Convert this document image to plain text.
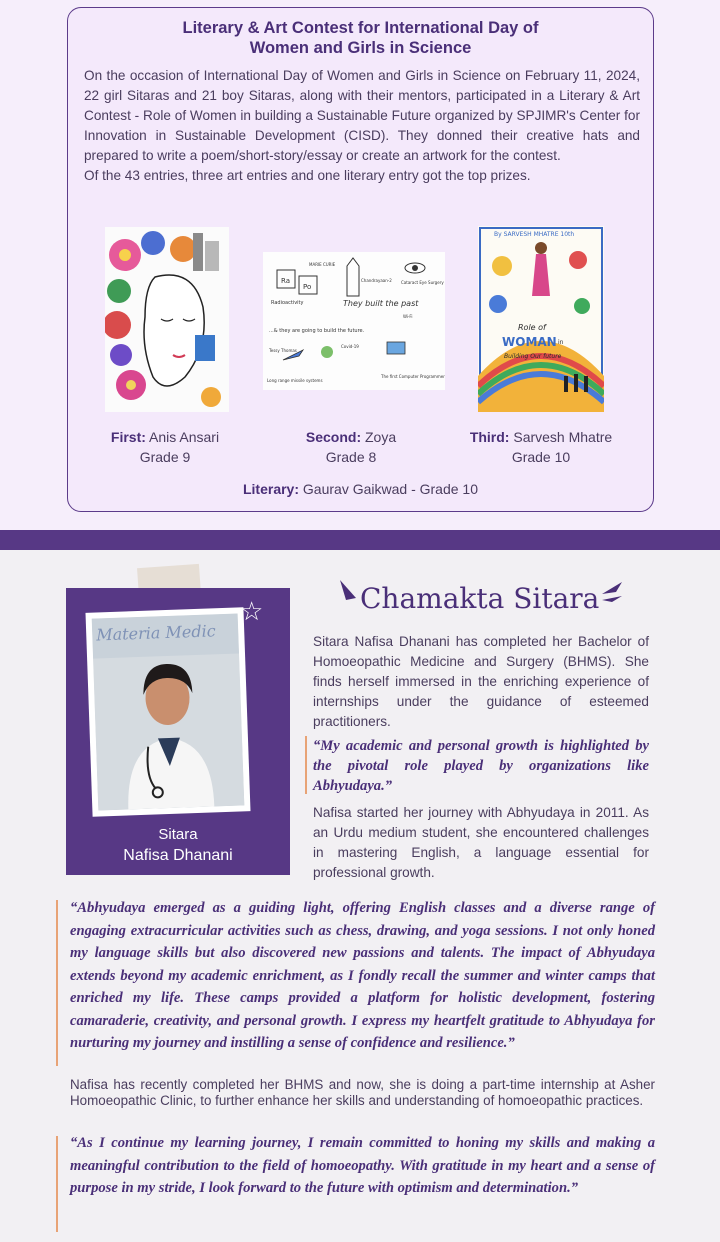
Literary & Art Contest for International Day of
Women and Girls in Science

On the occasion of International Day of Women and Girls in Science on February 11, 2024, 22 girl Sitaras and 21 boy Sitaras, along with their mentors, participated in a Literary & Art Contest - Role of Women in building a Sustainable Future organized by SPJIMR's Center for Innovation in Sustainable Development (CISD). They donned their creative hats and prepared to write a poem/short-story/essay or create an artwork for the contest.

Of the 43 entries, three art entries and one literary entry got the top prizes.

Ra
Po
Radioactivity
MARIE CURIE
Chandrayaan-2 Cataract Eye Surgery
They built the past
...& they are going to build the future.
Wi-Fi
Tessy Thomas
Long range missile systems
Covid-19
The first Computer Programmer
By SARVESH MHATRE 10th
Role of
WOMAN in
Building Our future
First: Anis Ansari
Grade 9
Second: Zoya
Grade 8
Third: Sarvesh Mhatre
Grade 10
Literary: Gaurav Gaikwad - Grade 10
Materia Medic
☆
Sitara
Nafisa Dhanani
Chamakta Sitara
Sitara Nafisa Dhanani has completed her Bachelor of Homoeopathic Medicine and Surgery (BHMS). She finds herself immersed in the enriching experience of internships under the guidance of esteemed practitioners.
“My academic and personal growth is highlighted by the pivotal role played by organizations like Abhyudaya.”
Nafisa started her journey with Abhyudaya in 2011. As an Urdu medium student, she encountered challenges in mastering English, a language essential for professional growth.
“Abhyudaya emerged as a guiding light, offering English classes and a diverse range of engaging extracurricular activities such as chess, drawing, and yoga sessions. I not only honed my language skills but also discovered new passions and talents. The impact of Abhyudaya extends beyond my academic enrichment, as I fondly recall the summer and winter camps that enriched my life. These camps provided a platform for holistic development, fostering camaraderie, creativity, and personal growth. I express my heartfelt gratitude to Abhyudaya for nurturing my journey and instilling a sense of confidence and resilience.”
Nafisa has recently completed her BHMS and now, she is doing a part-time internship at Asher Homoeopathic Clinic, to further enhance her skills and understanding of homoeopathic practices.
“As I continue my learning journey, I remain committed to honing my skills and making a meaningful contribution to the field of homoeopathy. With gratitude in my heart and a sense of purpose in my stride, I look forward to the future with optimism and determination.”
